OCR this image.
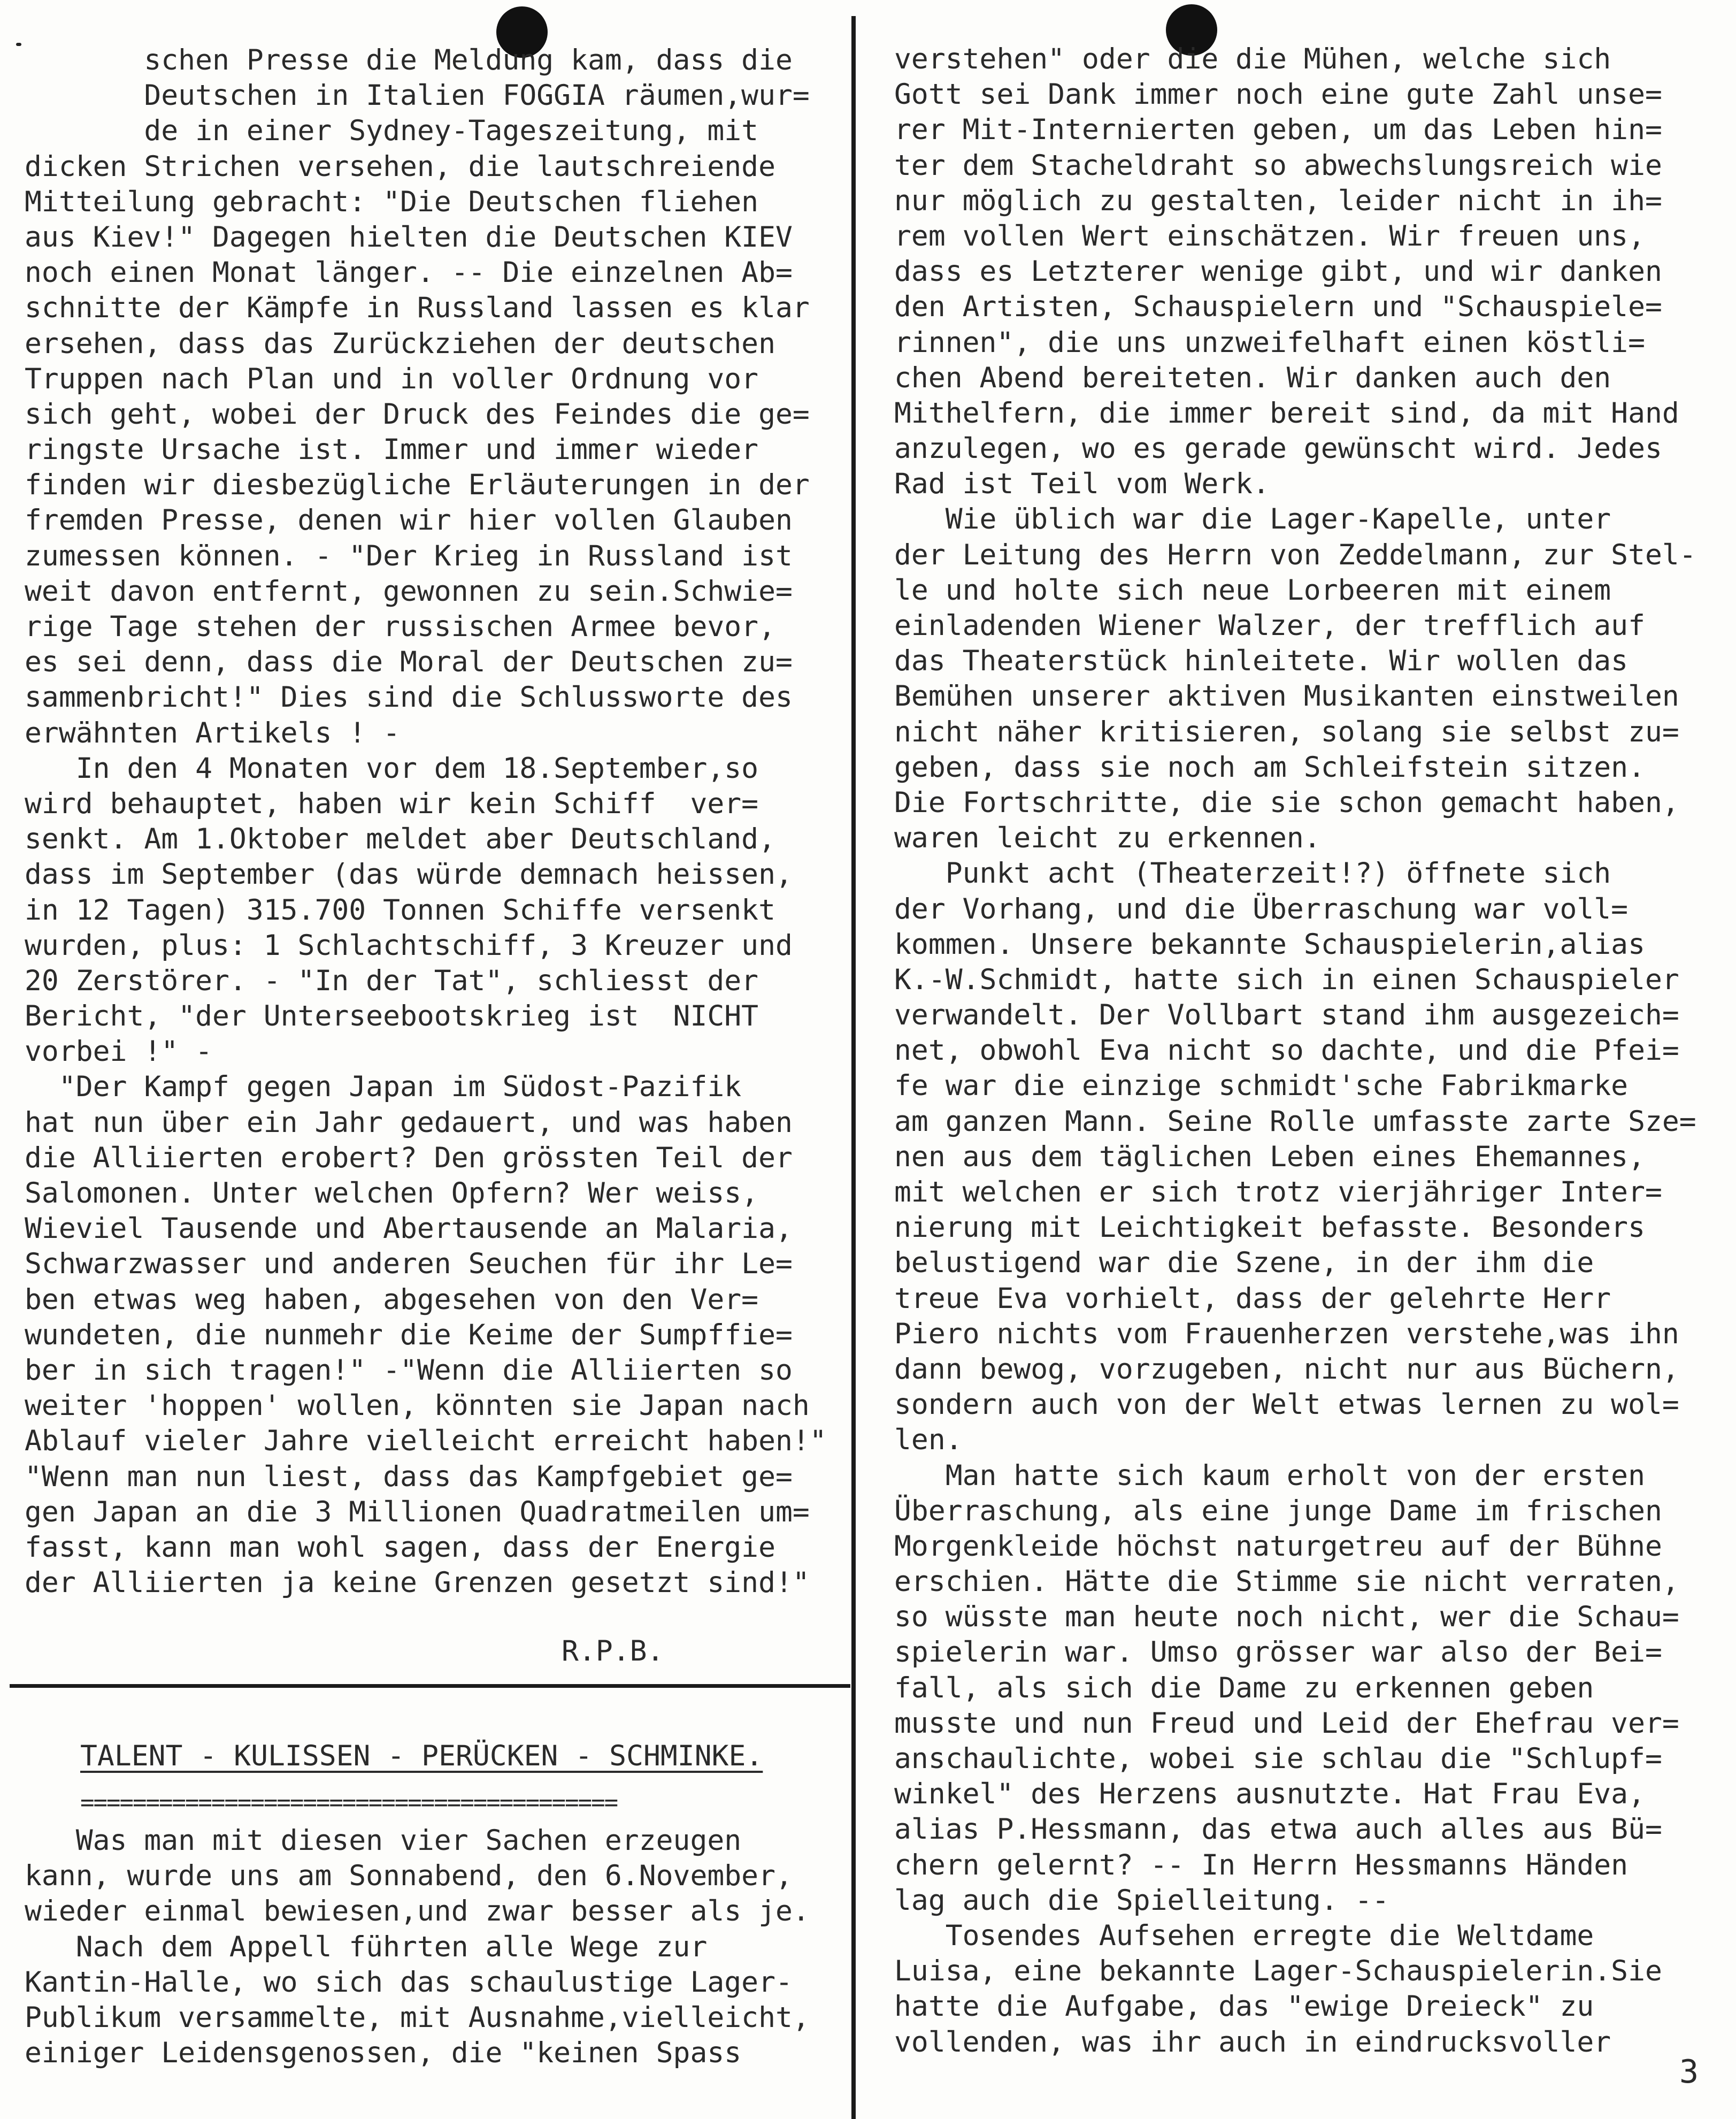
schen Presse die Meldung kam, dass die
Deutschen in Italien FOGGIA räumen,wur=
de in einer Sydney-Tageszeitung, mit
dicken Strichen versehen, die lautschreiende
Mitteilung gebracht: "Die Deutschen fliehen
aus Kiev!" Dagegen hielten die Deutschen KIEV
noch einen Monat länger. -- Die einzelnen Ab=
schnitte der Kämpfe in Russland lassen es klar
ersehen, dass das Zurückziehen der deutschen
Truppen nach Plan und in voller Ordnung vor
sich geht, wobei der Druck des Feindes die ge=
ringste Ursache ist. Immer und immer wieder
finden wir diesbezügliche Erläuterungen in der
fremden Presse, denen wir hier vollen Glauben
zumessen können. - "Der Krieg in Russland ist
weit davon entfernt, gewonnen zu sein.Schwie=
rige Tage stehen der russischen Armee bevor,
es sei denn, dass die Moral der Deutschen zu=
sammenbricht!" Dies sind die Schlussworte des
erwähnten Artikels ! -
In den 4 Monaten vor dem 18.September,so
wird behauptet, haben wir kein Schiff  ver=
senkt. Am 1.Oktober meldet aber Deutschland,
dass im September (das würde demnach heissen,
in 12 Tagen) 315.700 Tonnen Schiffe versenkt
wurden, plus: 1 Schlachtschiff, 3 Kreuzer und
20 Zerstörer. - "In der Tat", schliesst der
Bericht, "der Unterseebootskrieg ist  NICHT
vorbei !" -
"Der Kampf gegen Japan im Südost-Pazifik
hat nun über ein Jahr gedauert, und was haben
die Alliierten erobert? Den grössten Teil der
Salomonen. Unter welchen Opfern? Wer weiss,
Wieviel Tausende und Abertausende an Malaria,
Schwarzwasser und anderen Seuchen für ihr Le=
ben etwas weg haben, abgesehen von den Ver=
wundeten, die nunmehr die Keime der Sumpffie=
ber in sich tragen!" -"Wenn die Alliierten so
weiter 'hoppen' wollen, könnten sie Japan nach
Ablauf vieler Jahre vielleicht erreicht haben!"
"Wenn man nun liest, dass das Kampfgebiet ge=
gen Japan an die 3 Millionen Quadratmeilen um=
fasst, kann man wohl sagen, dass der Energie
der Alliierten ja keine Grenzen gesetzt sind!"
R.P.B.
TALENT - KULISSEN - PERÜCKEN - SCHMINKE.
=========================================
Was man mit diesen vier Sachen erzeugen
kann, wurde uns am Sonnabend, den 6.November,
wieder einmal bewiesen,und zwar besser als je.
Nach dem Appell führten alle Wege zur
Kantin-Halle, wo sich das schaulustige Lager-
Publikum versammelte, mit Ausnahme,vielleicht,
einiger Leidensgenossen, die "keinen Spass
verstehen" oder die die Mühen, welche sich
Gott sei Dank immer noch eine gute Zahl unse=
rer Mit-Internierten geben, um das Leben hin=
ter dem Stacheldraht so abwechslungsreich wie
nur möglich zu gestalten, leider nicht in ih=
rem vollen Wert einschätzen. Wir freuen uns,
dass es Letzterer wenige gibt, und wir danken
den Artisten, Schauspielern und "Schauspiele=
rinnen", die uns unzweifelhaft einen köstli=
chen Abend bereiteten. Wir danken auch den
Mithelfern, die immer bereit sind, da mit Hand
anzulegen, wo es gerade gewünscht wird. Jedes
Rad ist Teil vom Werk.
Wie üblich war die Lager-Kapelle, unter
der Leitung des Herrn von Zeddelmann, zur Stel-
le und holte sich neue Lorbeeren mit einem
einladenden Wiener Walzer, der trefflich auf
das Theaterstück hinleitete. Wir wollen das
Bemühen unserer aktiven Musikanten einstweilen
nicht näher kritisieren, solang sie selbst zu=
geben, dass sie noch am Schleifstein sitzen.
Die Fortschritte, die sie schon gemacht haben,
waren leicht zu erkennen.
Punkt acht (Theaterzeit!?) öffnete sich
der Vorhang, und die Überraschung war voll=
kommen. Unsere bekannte Schauspielerin,alias
K.-W.Schmidt, hatte sich in einen Schauspieler
verwandelt. Der Vollbart stand ihm ausgezeich=
net, obwohl Eva nicht so dachte, und die Pfei=
fe war die einzige schmidt'sche Fabrikmarke
am ganzen Mann. Seine Rolle umfasste zarte Sze=
nen aus dem täglichen Leben eines Ehemannes,
mit welchen er sich trotz vierjähriger Inter=
nierung mit Leichtigkeit befasste. Besonders
belustigend war die Szene, in der ihm die
treue Eva vorhielt, dass der gelehrte Herr
Piero nichts vom Frauenherzen verstehe,was ihn
dann bewog, vorzugeben, nicht nur aus Büchern,
sondern auch von der Welt etwas lernen zu wol=
len.
Man hatte sich kaum erholt von der ersten
Überraschung, als eine junge Dame im frischen
Morgenkleide höchst naturgetreu auf der Bühne
erschien. Hätte die Stimme sie nicht verraten,
so wüsste man heute noch nicht, wer die Schau=
spielerin war. Umso grösser war also der Bei=
fall, als sich die Dame zu erkennen geben
musste und nun Freud und Leid der Ehefrau ver=
anschaulichte, wobei sie schlau die "Schlupf=
winkel" des Herzens ausnutzte. Hat Frau Eva,
alias P.Hessmann, das etwa auch alles aus Bü=
chern gelernt? -- In Herrn Hessmanns Händen
lag auch die Spielleitung. --
Tosendes Aufsehen erregte die Weltdame
Luisa, eine bekannte Lager-Schauspielerin.Sie
hatte die Aufgabe, das "ewige Dreieck" zu
vollenden, was ihr auch in eindrucksvoller
3
